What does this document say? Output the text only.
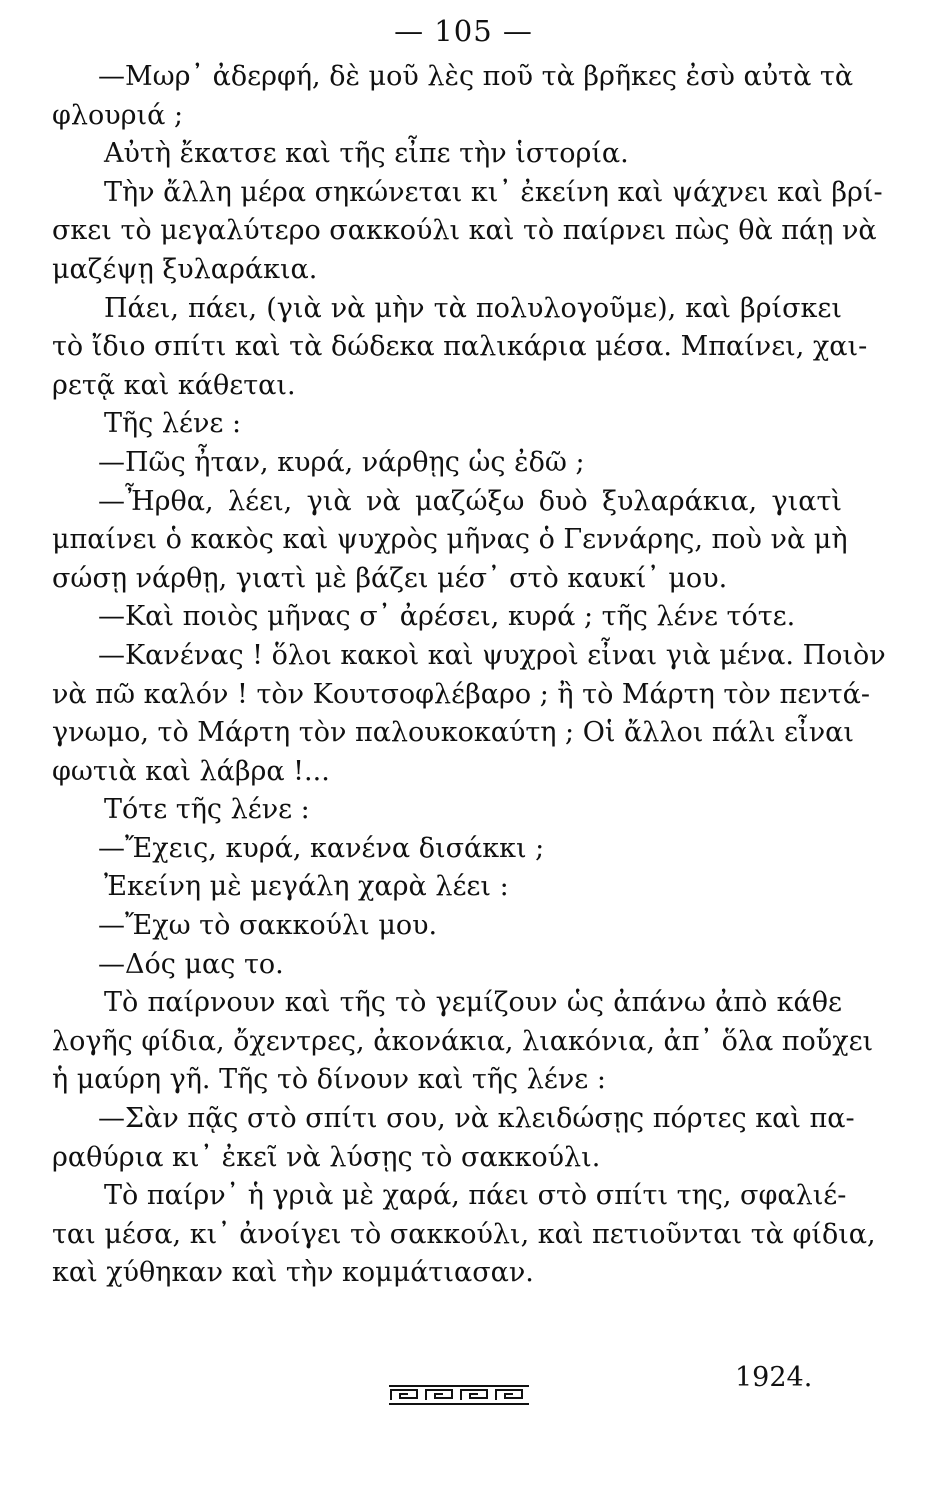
— 105 —
—Μωρ᾽ ἀδερφή, δὲ μοῦ λὲς ποῦ τὰ βρῆκες ἐσὺ αὐτὰ τὰ
φλουριά ;
Αὐτὴ ἔκατσε καὶ τῆς εἶπε τὴν ἱστορία.
Τὴν ἄλλη μέρα σηκώνεται κι᾽ ἐκείνη καὶ ψάχνει καὶ βρί-
σκει τὸ μεγαλύτερο σακκούλι καὶ τὸ παίρνει πὼς θὰ πάῃ νὰ
μαζέψῃ ξυλαράκια.
Πάει, πάει, (γιὰ νὰ μὴν τὰ πολυλογοῦμε), καὶ βρίσκει
τὸ ἴδιο σπίτι καὶ τὰ δώδεκα παλικάρια μέσα. Μπαίνει, χαι-
ρετᾷ καὶ κάθεται.
Τῆς λένε :
—Πῶς ἦταν, κυρά, νάρθῃς ὡς ἐδῶ ;
—Ἦρθα, λέει, γιὰ νὰ μαζώξω δυὸ ξυλαράκια, γιατὶ
μπαίνει ὁ κακὸς καὶ ψυχρὸς μῆνας ὁ Γεννάρης, ποὺ νὰ μὴ
σώσῃ νάρθῃ, γιατὶ μὲ βάζει μέσ᾽ στὸ καυκί᾽ μου.
—Καὶ ποιὸς μῆνας σ᾽ ἀρέσει, κυρά ; τῆς λένε τότε.
—Κανένας ! ὅλοι κακοὶ καὶ ψυχροὶ εἶναι γιὰ μένα. Ποιὸν
νὰ πῶ καλόν ! τὸν Κουτσοφλέβαρο ; ἢ τὸ Μάρτη τὸν πεντά-
γνωμο, τὸ Μάρτη τὸν παλουκοκαύτη ; Οἱ ἄλλοι πάλι εἶναι
φωτιὰ καὶ λάβρα !...
Τότε τῆς λένε :
—Ἔχεις, κυρά, κανένα δισάκκι ;
Ἐκείνη μὲ μεγάλη χαρὰ λέει :
—Ἔχω τὸ σακκούλι μου.
—Δός μας το.
Τὸ παίρνουν καὶ τῆς τὸ γεμίζουν ὡς ἀπάνω ἀπὸ κάθε
λογῆς φίδια, ὄχεντρες, ἀκονάκια, λιακόνια, ἀπ᾽ ὅλα ποὔχει
ἡ μαύρη γῆ. Τῆς τὸ δίνουν καὶ τῆς λένε :
—Σὰν πᾷς στὸ σπίτι σου, νὰ κλειδώσῃς πόρτες καὶ πα-
ραθύρια κι᾽ ἐκεῖ νὰ λύσῃς τὸ σακκούλι.
Τὸ παίρν᾽ ἡ γριὰ μὲ χαρά, πάει στὸ σπίτι της, σφαλιέ-
ται μέσα, κι᾽ ἀνοίγει τὸ σακκούλι, καὶ πετιοῦνται τὰ φίδια,
καὶ χύθηκαν καὶ τὴν κομμάτιασαν.
1924.
